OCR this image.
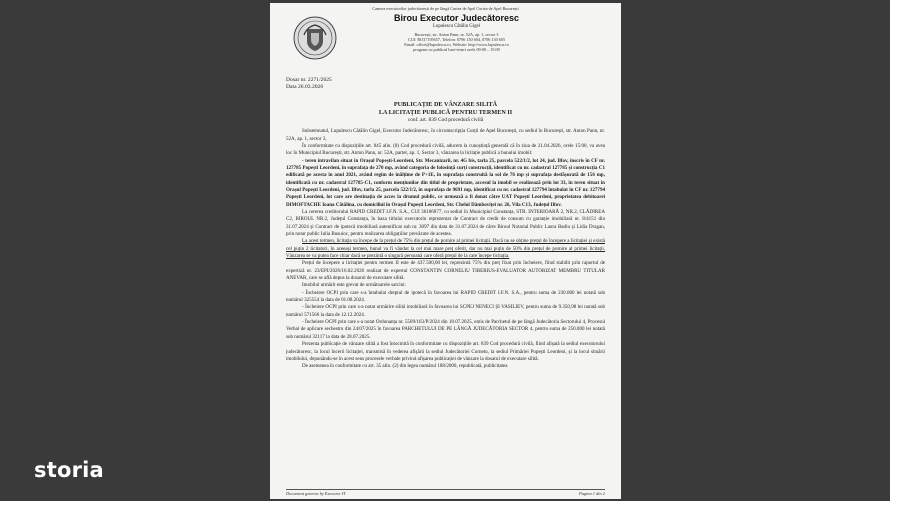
storia
Camera executorilor judecătorești de pe lângă Curtea de Apel Curtea de Apel București
Birou Executor Judecătoresc
Lupulescu Cătălin Gigel
București, str. Anton Pann, nr. 52A, ap. 1, sector 3
CUI: RO37195657, Telefon: 0796 130 604, 0796 130 605
Email: office@lupulescu.ro, Website: http://www.lupulescu.ro
program cu publicul luni-vineri orele 09:00 – 15:00
Dosar nr. 2271/2025
Data 26.03.2026
PUBLICAȚIE DE VÂNZARE SILITĂ
LA LICITAȚIE PUBLICĂ PENTRU TERMEN II
conf. art. 839 Cod procedură civilă

Subsemnatul, Lupulescu Cătălin Gigel, Executor Judecătoresc, în circumscripția Curții de Apel București, cu sediul în București, str. Anton Pann, nr. 52A, ap. 1, sector 3,

În conformitate cu dispozițiile art. 845 alin. (8) Cod procedură civilă, aducem la cunoștință generală că în ziua de 21.04.2026, orele 15:00, va avea loc în Municipiul București, str. Anton Pann, nr. 52A, parter, ap. 1, Sector 3, vânzarea la licitație publică a bunului imobil:

- teren intravilan situat în Orașul Popești-Leordeni, Str. Mecanizarii, nr. 4G bis, tarla 25, parcela 522/1/2, lot 24, jud. Ilfov, înscris în CF nr. 127785 Popești Leordeni, în suprafața de 270 mp, având categoria de folosință curți construcții, identificat cu nr. cadastral 127785 și construcția C1 edificată pe acesta în anul 2021, având regim de înălțime de P+1E, în suprafața construită la sol de 76 mp și suprafața desfășurată de 156 mp, identificată cu nr. cadastral 127785-C1, conform mențiunilor din titlul de proprietate, accesul la imobil se realizează prin lot 33, în teren situat în Orașul Popești Leordeni, jud. Ilfov, tarla 25, parcela 522/1/2, în suprafața de 9691 mp, identificat cu nr. cadastral 127794 întabulat în CF nr. 127794 Popești Leordeni, lot care are destinația de acces la drumul public, ce urmează a fi donat către UAT Popești Leordeni, proprietatea debitoarei DIMOFTACHE Ioana Cătălina, cu domiciliul în Orașul Popești Leordeni, Str. Chelul Dâmboviței nr. 26, Vila C13, Județul Ilfov.

La cererea creditorului RAPID CREDIT I.F.N. S.A., CUI 36186877, cu sediul în Municipiul Constanța, STR. INTERIOARĂ 2, NR.2, CLĂDIREA C2, BIROUL NR.2, Județul Constanța, în baza titlului executoriu reprezentat de Contract de credit de consum cu garanție imobiliară nr. 8/4151 din 31.07.2024 și Contract de ipotecă imobiliară autentificat sub nr. 3097 din data de 31.07.2024 de către Biroul Notarial Public Laura Badiu și Lidia Dragan, prin notar public Iulia Busuioc, pentru realizarea obligațiilor prevăzute de acestea.

La acest termen, licitația va începe de la prețul de 75% din prețul de pornire al primei licitații. Dacă nu se obține prețul de începere a licitației și există cel puțin 2 licitatori, în aceeași termen, bunul va fi vândut la cel mai mare preț oferit, dar nu mai puțin de 50% din prețul de pornire al primei licitații. Vânzarea se va putea face chiar dacă se prezintă o singură persoană care oferă prețul de la care începe licitația.

Prețul de începere a licitației pentru termen II este de 437.500,00 lei, reprezintă 75% din preț fixat prin încheiere, fiind stabilit prin raportul de expertiză nr. 23/EPI/2026/16.02.2026 realizat de expertul CONSTANTIN CORNELIU TIBERIUS-EVALUATOR AUTORIZAT MEMBRU TITULAR ANEVAR, care se află depus la dosarul de executare silită.

Imobilul urmărit este grevat de următoarele sarcini:

- Încheiere OCPI prin care s-a întabulat dreptul de ipotecă în favoarea lui RAPID CREDIT I.F.N. S.A., pentru suma de 230.000 lei notată sub numărul 325554 la data de 01.08.2024.

- Încheiere OCPI prin care s-a notat urmărire silită imobiliară în favoarea lui SCPEJ NENECI ȘI VASILIEV, pentru suma de 9.350,98 lei notată sub numărul 571566 la data de 12.12.2024.

- Încheiere OCPI prin care s-a notat Ordonanța nr. 5509/163/P/2024 din 18.07.2025, emis de Parchetul de pe lângă Judecătoria Sectorului 4, Procesul Verbal de aplicare sechestru din 24/07/2025 în favoarea PARCHETULUI DE PE LÂNGĂ JUDECĂTORIA SECTOR 4, pentru suma de 250.000 lei notată sub numărul 32117 la data de 28.07.2025.

Prezenta publicație de vânzare silită a fost întocmită în conformitate cu dispozițiile art. 839 Cod procedură civilă, fiind afișată la sediul executorului judecătoresc, la locul încerii licitației, transmisă în vederea afișării la sediul Judecătoriei Cornetu, la sediul Primăriei Popești Leordeni, și la locul situării imobilului, depunându-se în acest sens procesele verbale privind afișarea publicației de vânzare la dosarul de executare silită.

De asemenea în conformitate cu art. 35 alin. (2) din legea numărul 188/2000, republicată, publicitatea

Document generat by Executor IT	Pagina 1 din 2
